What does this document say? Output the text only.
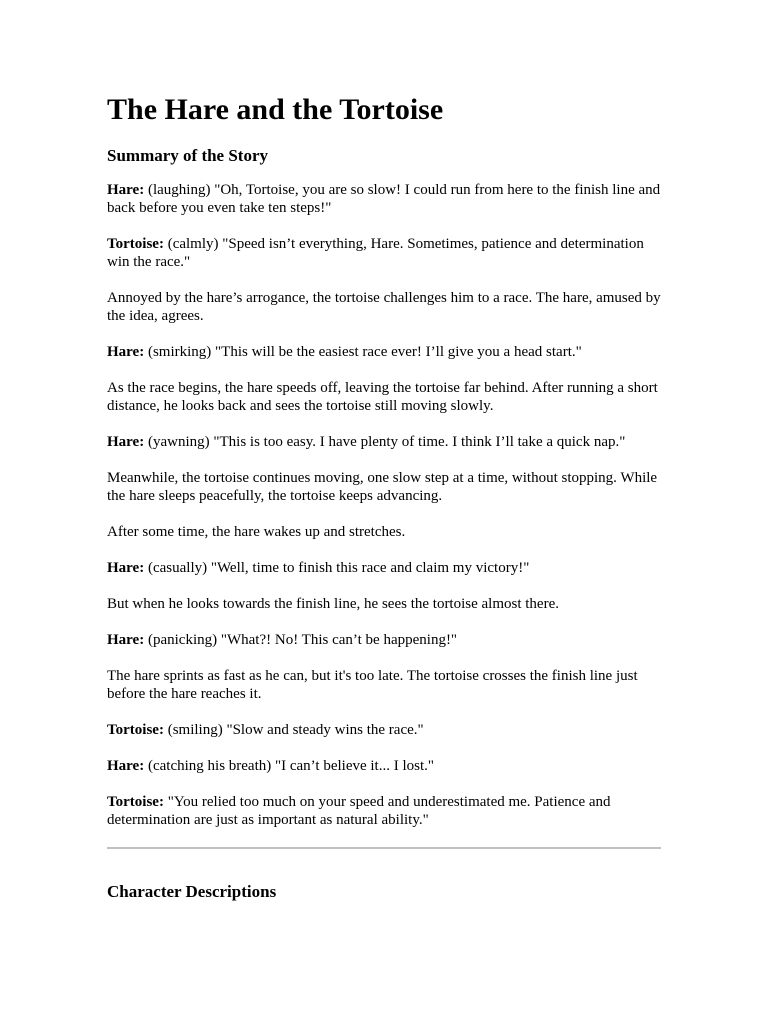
The Hare and the Tortoise
Summary of the Story

Hare: (laughing) "Oh, Tortoise, you are so slow! I could run from here to the finish line and back before you even take ten steps!"

Tortoise: (calmly) "Speed isn’t everything, Hare. Sometimes, patience and determination win the race."

Annoyed by the hare’s arrogance, the tortoise challenges him to a race. The hare, amused by the idea, agrees.

Hare: (smirking) "This will be the easiest race ever! I’ll give you a head start."

As the race begins, the hare speeds off, leaving the tortoise far behind. After running a short distance, he looks back and sees the tortoise still moving slowly.

Hare: (yawning) "This is too easy. I have plenty of time. I think I’ll take a quick nap."

Meanwhile, the tortoise continues moving, one slow step at a time, without stopping. While the hare sleeps peacefully, the tortoise keeps advancing.

After some time, the hare wakes up and stretches.

Hare: (casually) "Well, time to finish this race and claim my victory!"

But when he looks towards the finish line, he sees the tortoise almost there.

Hare: (panicking) "What?! No! This can’t be happening!"

The hare sprints as fast as he can, but it's too late. The tortoise crosses the finish line just before the hare reaches it.

Tortoise: (smiling) "Slow and steady wins the race."

Hare: (catching his breath) "I can’t believe it... I lost."

Tortoise: "You relied too much on your speed and underestimated me. Patience and determination are just as important as natural ability."

Character Descriptions
